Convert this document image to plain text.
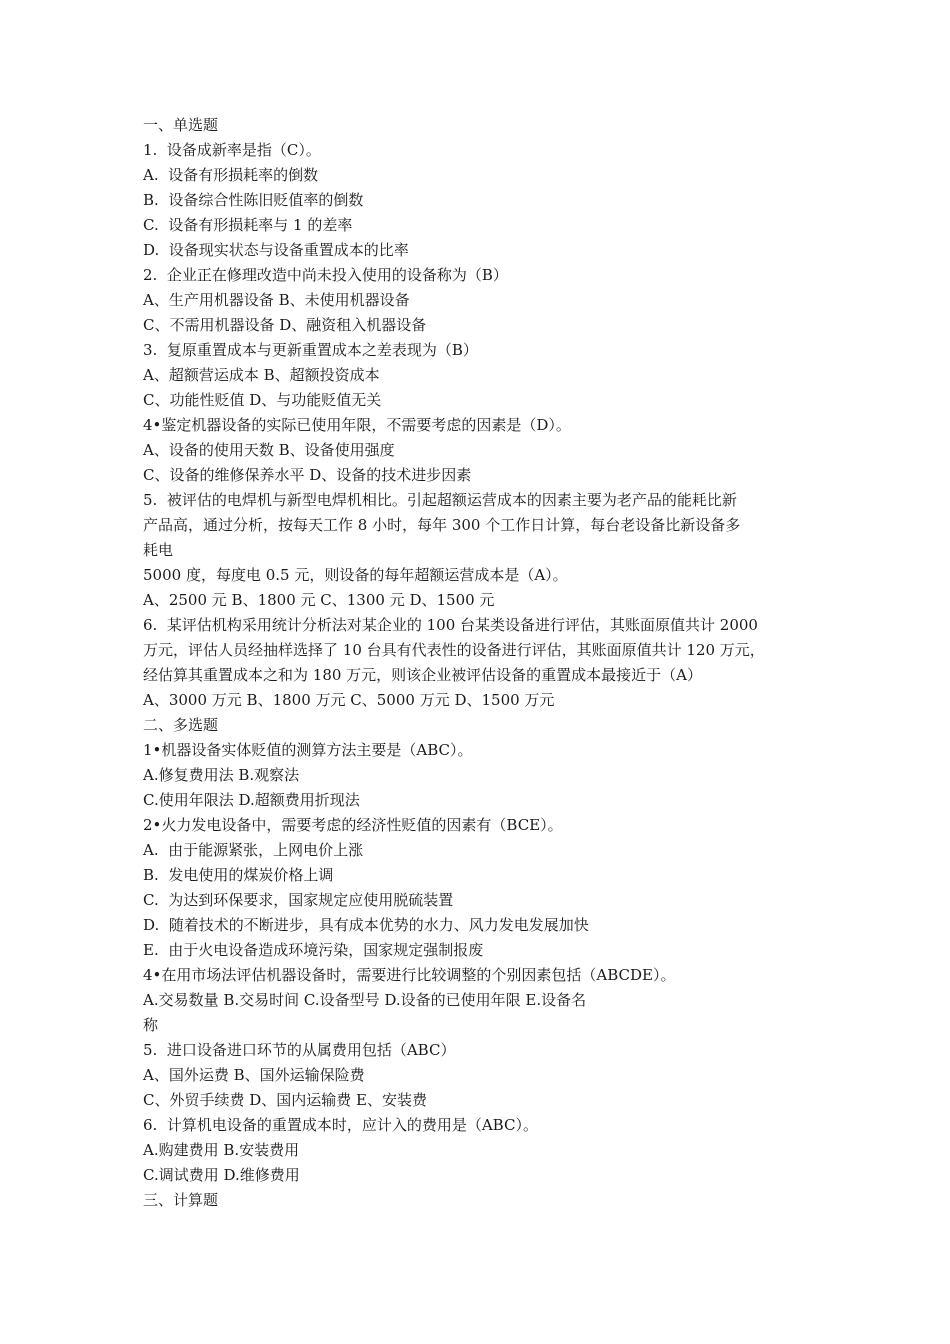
一、单选题
1.  设备成新率是指（C）。
A.  设备有形损耗率的倒数
B.  设备综合性陈旧贬值率的倒数
C.  设备有形损耗率与 1 的差率
D.  设备现实状态与设备重置成本的比率
2.  企业正在修理改造中尚未投入使用的设备称为（B）
A、生产用机器设备 B、未使用机器设备
C、不需用机器设备 D、融资租入机器设备
3.  复原重置成本与更新重置成本之差表现为（B）
A、超额营运成本 B、超额投资成本
C、功能性贬值 D、与功能贬值无关
4•鉴定机器设备的实际已使用年限，不需要考虑的因素是（D）。
A、设备的使用天数 B、设备使用强度
C、设备的维修保养水平 D、设备的技术进步因素
5.  被评估的电焊机与新型电焊机相比。引起超额运营成本的因素主要为老产品的能耗比新
产品高，通过分析，按每天工作 8 小时，每年 300 个工作日计算，每台老设备比新设备多
耗电
5000 度，每度电 0.5 元，则设备的每年超额运营成本是（A）。
A、2500 元 B、1800 元 C、1300 元 D、1500 元
6.  某评估机构采用统计分析法对某企业的 100 台某类设备进行评估，其账面原值共计 2000
万元，评估人员经抽样选择了 10 台具有代表性的设备进行评估，其账面原值共计 120 万元，
经估算其重置成本之和为 180 万元，则该企业被评估设备的重置成本最接近于（A）
A、3000 万元 B、1800 万元 C、5000 万元 D、1500 万元
二、多选题
1•机器设备实体贬值的测算方法主要是（ABC）。
A.修复费用法 B.观察法
C.使用年限法 D.超额费用折现法
2•火力发电设备中，需要考虑的经济性贬值的因素有（BCE）。
A.  由于能源紧张，上网电价上涨
B.  发电使用的煤炭价格上调
C.  为达到环保要求，国家规定应使用脱硫装置
D.  随着技术的不断进步，具有成本优势的水力、风力发电发展加快
E.  由于火电设备造成环境污染，国家规定强制报废
4•在用市场法评估机器设备时，需要进行比较调整的个别因素包括（ABCDE）。
A.交易数量 B.交易时间 C.设备型号 D.设备的已使用年限 E.设备名
称
5.  进口设备进口环节的从属费用包括（ABC）
A、国外运费 B、国外运输保险费
C、外贸手续费 D、国内运输费 E、安装费
6.  计算机电设备的重置成本时，应计入的费用是（ABC）。
A.购建费用 B.安装费用
C.调试费用 D.维修费用
三、计算题
